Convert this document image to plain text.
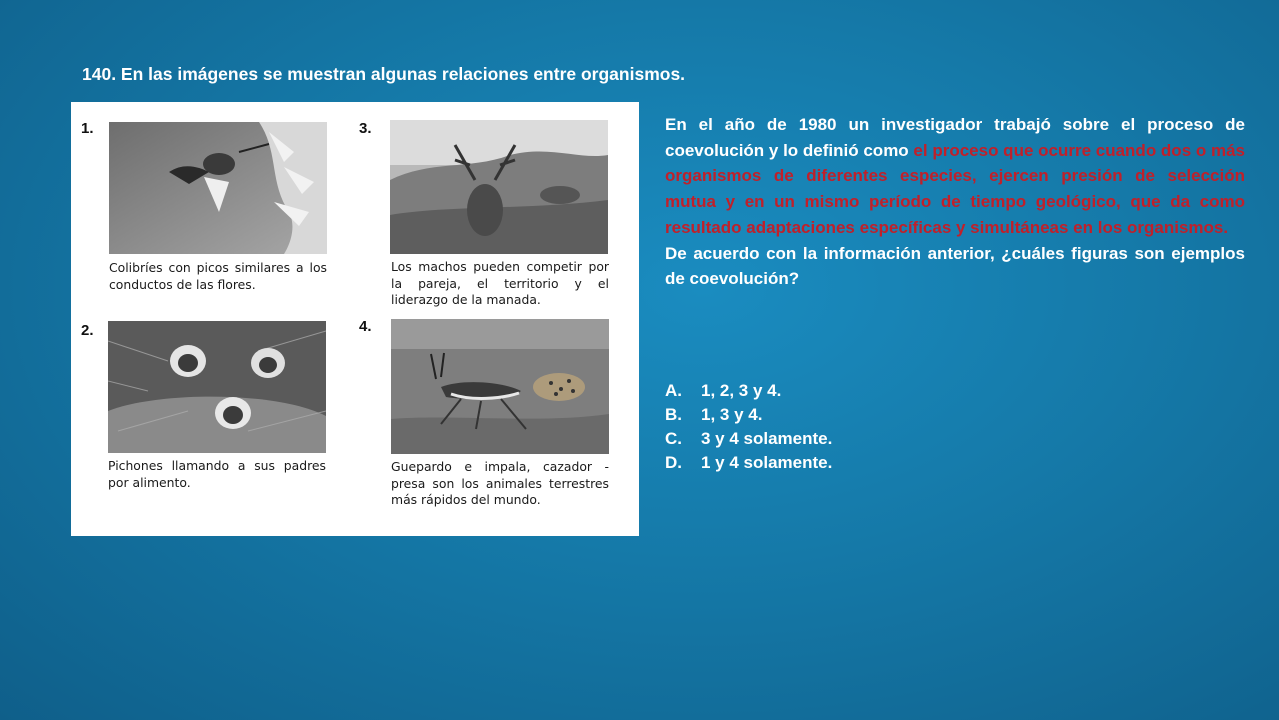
140. En las imágenes se muestran algunas relaciones entre organismos.
1.
Colibríes con picos similares a los conductos de las flores.
3.
Los machos pueden competir por la pareja, el territorio y el liderazgo de la manada.
2.
Pichones llamando a sus padres por alimento.
4.
Guepardo e impala, cazador - presa son los animales terrestres más rápidos del mundo.
En el año de 1980 un investigador trabajó sobre el proceso de coevolución y lo definió como el proceso que ocurre cuando dos o más organismos de diferentes especies, ejercen presión de selección mutua y en un mismo período de tiempo geológico, que da como resultado adaptaciones específicas y simultáneas en los organismos.
De acuerdo con la información anterior, ¿cuáles figuras son ejemplos de coevolución?
A.	1, 2, 3 y 4.
B.	1, 3 y 4.
C.	3 y 4 solamente.
D.	1 y 4 solamente.
